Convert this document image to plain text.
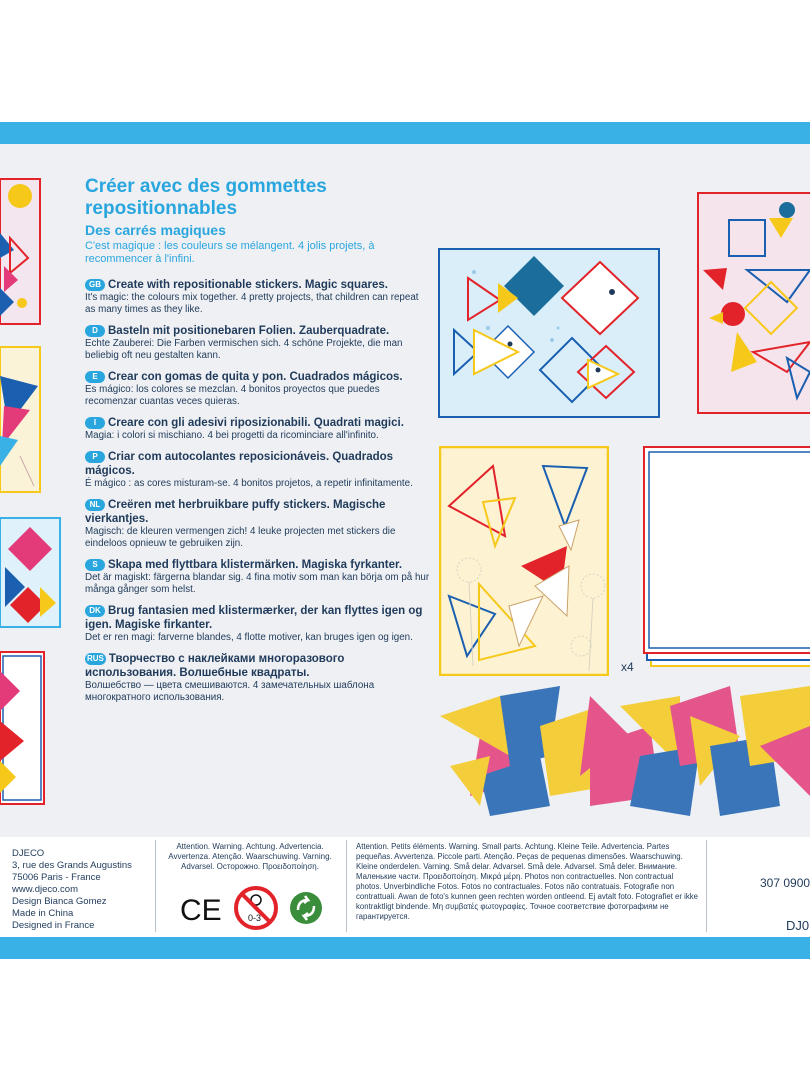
Créer avec des gommettes repositionnables
Des carrés magiques
C'est magique : les couleurs se mélangent. 4 jolis projets, à recommencer à l'infini.
GB Create with repositionable stickers. Magic squares.
It's magic: the colours mix together. 4 pretty projects, that children can repeat as many times as they like.
D Basteln mit positionebaren Folien. Zauberquadrate.
Echte Zauberei: Die Farben vermischen sich. 4 schöne Projekte, die man beliebig oft neu gestalten kann.
E Crear con gomas de quita y pon. Cuadrados mágicos.
Es mágico: los colores se mezclan. 4 bonitos proyectos que puedes recomenzar cuantas veces quieras.
I Creare con gli adesivi riposizionabili. Quadrati magici.
Magia: i colori si mischiano. 4 bei progetti da ricominciare all'infinito.
P Criar com autocolantes reposicionáveis. Quadrados mágicos.
É mágico : as cores misturam-se. 4 bonitos projetos, a repetir infinitamente.
NL Creëren met herbruikbare puffy stickers. Magische vierkantjes.
Magisch: de kleuren vermengen zich! 4 leuke projecten met stickers die eindeloos opnieuw te gebruiken zijn.
S Skapa med flyttbara klistermärken. Magiska fyrkanter.
Det är magiskt: färgerna blandar sig. 4 fina motiv som man kan börja om på hur många gånger som helst.
DK Brug fantasien med klistermærker, der kan flyttes igen og igen. Magiske firkanter.
Det er ren magi: farverne blandes, 4 flotte motiver, kan bruges igen og igen.
RUS Творчество с наклейками многоразового использования. Волшебные квадраты.
Волшебство — цвета смешиваются. 4 замечательных шаблона многократного использования.
x4
DJECO
3, rue des Grands Augustins
75006 Paris - France
www.djeco.com
Design Bianca Gomez
Made in China
Designed in France
Attention. Warning. Achtung. Advertencia. Avvertenza. Atenção. Waarschuwing. Varning. Advarsel. Осторожно. Προειδοποίηση.
CE	0-3
Attention. Petits éléments. Warning. Small parts. Achtung. Kleine Teile. Advertencia. Partes pequeñas. Avvertenza. Piccole parti. Atenção. Peças de pequenas dimensões. Waarschuwing. Kleine onderdelen. Varning. Små delar. Advarsel. Små dele. Advarsel. Små deler. Внимание. Маленькие части. Προειδοποίηση. Μικρά μέρη. Photos non contractuelles. Non contractual photos. Unverbindliche Fotos. Fotos no contractuales. Fotos não contratuais. Fotografie non contrattuali. Awan de foto's kunnen geen rechten worden ontleend. Ej avtalt foto. Fotografiet er ikke kontraktligt bindende. Μη συμβατές φωτογραφίες. Точное соответствие фотографиям не гарантируется.
307 0900
DJ0
